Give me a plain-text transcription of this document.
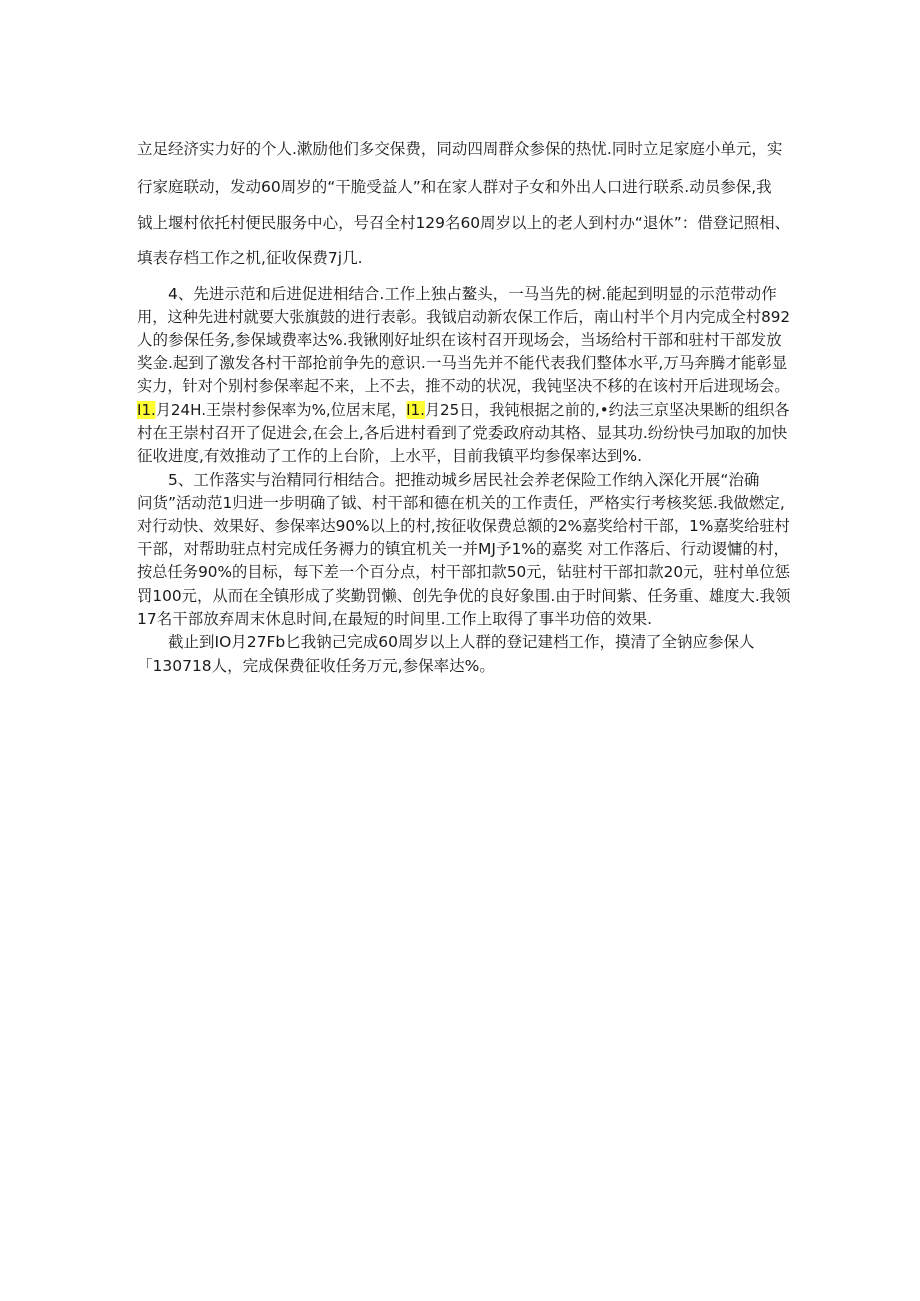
立足经济实力好的个人.漱励他们多交保费，同动四周群众参保的热忧.同时立足家庭小单元，实
行家庭联动，发动60周岁的“干脆受益人”和在家人群对子女和外出人口进行联系.动员参保,我
钺上堰村依托村便民服务中心，号召全村129名60周岁以上的老人到村办“退休”：借登记照相、
填表存档工作之机,征收保费7j几.
4、先进示范和后进促进相结合.工作上独占鳌头，一马当先的树.能起到明显的示范带动作
用，这种先进村就要大张旗鼓的进行表彰。我钺启动新农保工作后，南山村半个月内完成全村892
人的参保任务,参保域费率达%.我锹刚好址织在该村召开现场会，当场给村干部和驻村干部发放
奖金.起到了激发各村干部抢前争先的意识.一马当先并不能代表我们整体水平,万马奔腾才能彰显
实力，针对个别村参保率起不来，上不去，推不动的状况，我钝坚决不移的在该村开后进现场会。
I1.月24H.王崇村参保率为%,位居末尾，I1.月25日，我钝根据之前的,•约法三京坚决果断的组织各
村在王崇村召开了促进会,在会上,各后进村看到了党委政府动其格、显其功.纷纷快弓加取的加快
征收进度,有效推动了工作的上台阶，上水平，目前我镇平均参保率达到%.
5、工作落实与治精同行相结合。把推动城乡居民社会养老保险工作纳入深化开展“治确
问货”活动范1归进一步明确了钺、村干部和德在机关的工作责任，严格实行考核奖惩.我做燃定,
对行动快、效果好、参保率达90%以上的村,按征收保费总额的2%嘉奖给村干部，1%嘉奖给驻村
干部，对帮助驻点村完成任务褥力的镇宜机关一并MJ予1%的嘉奖 对工作落后、行动谡慵的村，
按总任务90%的目标，每下差一个百分点，村干部扣款50元，钻驻村干部扣款20元，驻村单位惩
罚100元，从而在全镇形成了奖勤罚懒、创先争优的良好象围.由于时间紫、任务重、雄度大.我领
17名干部放弃周末休息时间,在最短的时间里.工作上取得了事半功倍的效果.
截止到IO月27Fb匕我钠己完成60周岁以上人群的登记建档工作，摸清了全钠应参保人
「130718人，完成保费征收任务万元,参保率达%。
